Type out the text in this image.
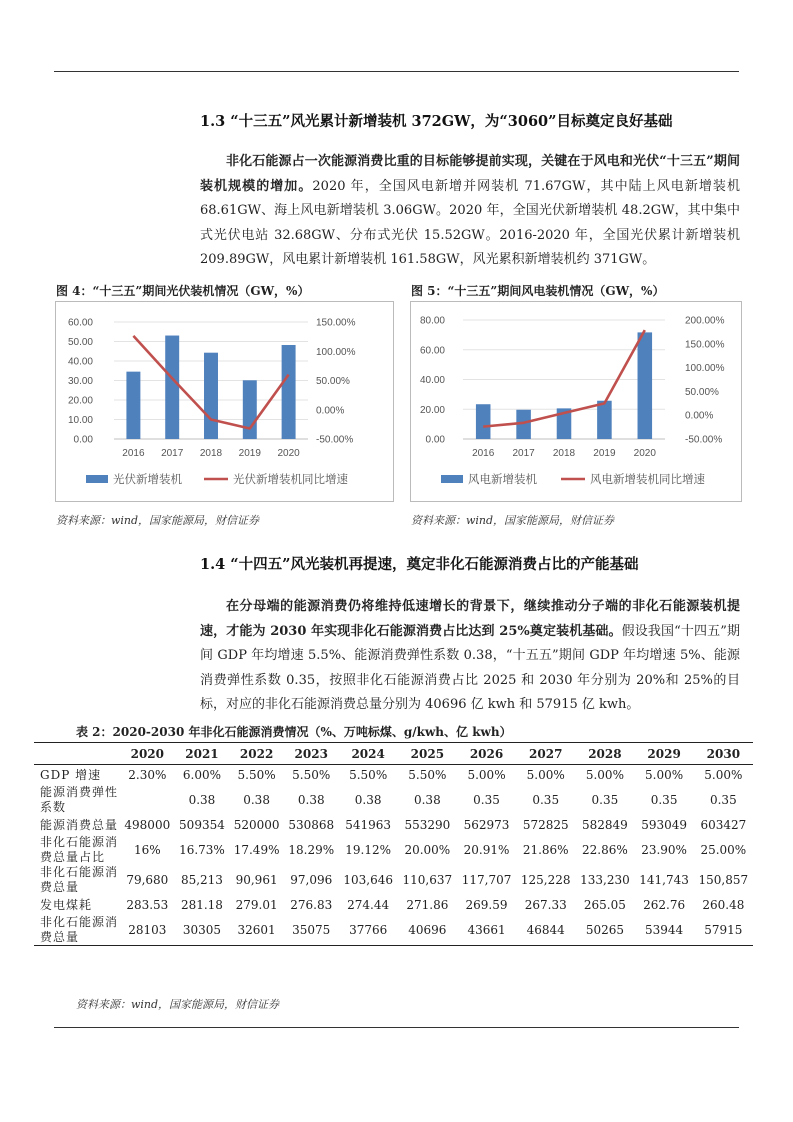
1.3 “十三五”风光累计新增装机 372GW，为“3060”目标奠定良好基础
非化石能源占一次能源消费比重的目标能够提前实现，关键在于风电和光伏“十三五”期间装机规模的增加。2020 年，全国风电新增并网装机 71.67GW，其中陆上风电新增装机 68.61GW、海上风电新增装机 3.06GW。2020 年，全国光伏新增装机 48.2GW，其中集中式光伏电站 32.68GW、分布式光伏 15.52GW。2016-2020 年，全国光伏累计新增装机 209.89GW，风电累计新增装机 161.58GW，风光累积新增装机约 371GW。
图 4：“十三五”期间光伏装机情况（GW，%）
60.00
50.00
40.00
30.00
20.00
10.00
0.00
150.00%
100.00%
50.00%
0.00%
-50.00%
2016 2017 2018 2019 2020
光伏新增装机	光伏新增装机同比增速
资料来源：wind，国家能源局，财信证券
图 5：“十三五”期间风电装机情况（GW，%）
80.00
60.00
40.00
20.00
0.00
200.00%
150.00%
100.00%
50.00%
0.00%
-50.00%
2016 2017 2018 2019 2020
风电新增装机	风电新增装机同比增速
资料来源：wind，国家能源局，财信证券
1.4 “十四五”风光装机再提速，奠定非化石能源消费占比的产能基础
在分母端的能源消费仍将维持低速增长的背景下，继续推动分子端的非化石能源装机提速，才能为 2030 年实现非化石能源消费占比达到 25%奠定装机基础。假设我国“十四五”期间 GDP 年均增速 5.5%、能源消费弹性系数 0.38，“十五五”期间 GDP 年均增速 5%、能源消费弹性系数 0.35，按照非化石能源消费占比 2025 和 2030 年分别为 20%和 25%的目标，对应的非化石能源消费总量分别为 40696 亿 kwh 和 57915 亿 kwh。
表 2：2020-2030 年非化石能源消费情况（%、万吨标煤、g/kwh、亿 kwh）
	2020	2021	2022	2023	2024	2025	2026	2027	2028	2029	2030
GDP 增速	2.30%	6.00%	5.50%	5.50%	5.50%	5.50%	5.00%	5.00%	5.00%	5.00%	5.00%
能源消费弹性系数		0.38	0.38	0.38	0.38	0.38	0.35	0.35	0.35	0.35	0.35
能源消费总量	498000	509354	520000	530868	541963	553290	562973	572825	582849	593049	603427
非化石能源消费总量占比	16%	16.73%	17.49%	18.29%	19.12%	20.00%	20.91%	21.86%	22.86%	23.90%	25.00%
非化石能源消费总量	79,680	85,213	90,961	97,096	103,646	110,637	117,707	125,228	133,230	141,743	150,857
发电煤耗	283.53	281.18	279.01	276.83	274.44	271.86	269.59	267.33	265.05	262.76	260.48
非化石能源消费总量	28103	30305	32601	35075	37766	40696	43661	46844	50265	53944	57915
资料来源：wind，国家能源局，财信证券
